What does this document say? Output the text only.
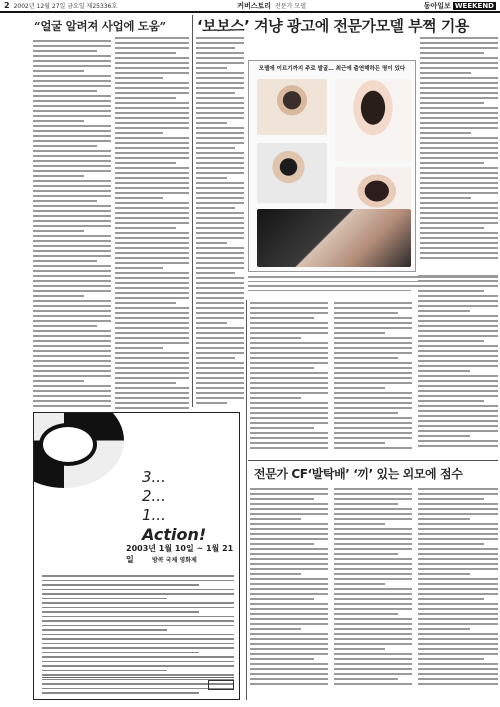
2 2002년 12월 27일 금요일 제25336호	커버스토리 전문가 모델	동아일보 WEEKEND
“얼굴 알려져 사업에 도움”	‘보보스’ 겨냥 광고에 전문가모델 부쩍 기용
모델에 이르기까지 주로 발굴… 최근에 출연해하든 명이 있다
3...
2...
1...
Action!
2003년 1월 10일 ~ 1월 21일	방콕 국제 영화제
전문가 CF‘발탁배’ ‘끼’ 있는 외모에 점수
